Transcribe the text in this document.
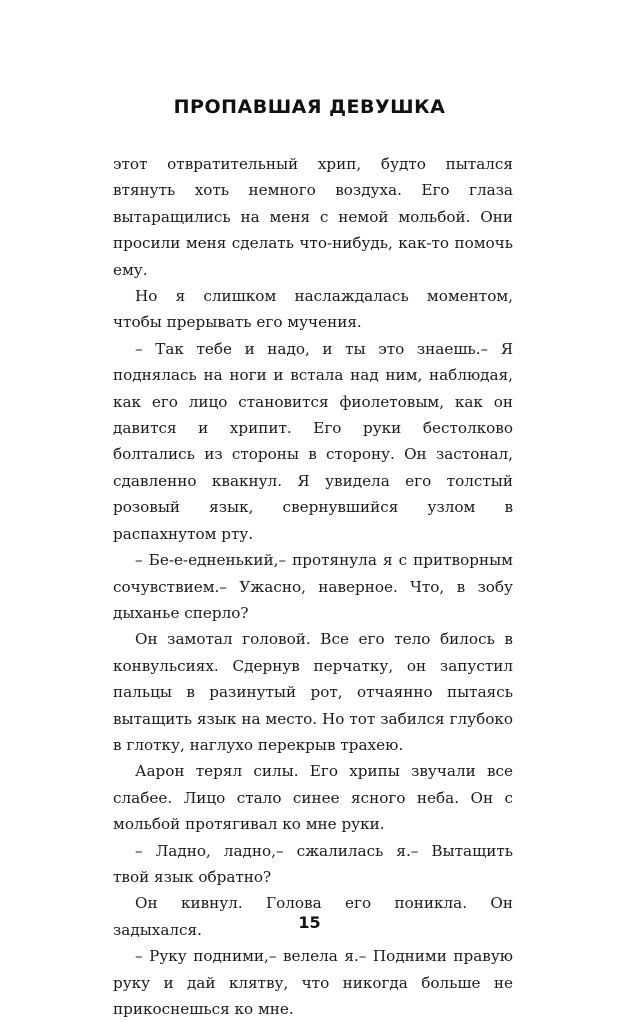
ПРОПАВШАЯ ДЕВУШКА

этот отвратительный хрип, будто пытался втянуть хоть немного воздуха. Его глаза вытаращились на меня с немой мольбой. Они просили меня сделать что-нибудь, как-то помочь ему.

Но я слишком наслаждалась моментом, чтобы прерывать его мучения.

– Так тебе и надо, и ты это знаешь.– Я поднялась на ноги и встала над ним, наблюдая, как его лицо становится фиолетовым, как он давится и хрипит. Его руки бестолково болтались из стороны в сторону. Он застонал, сдавленно квакнул. Я увидела его толстый розовый язык, свернувшийся узлом в распахнутом рту.

– Бе-е-едненький,– протянула я с притворным сочувствием.– Ужасно, наверное. Что, в зобу дыханье сперло?

Он замотал головой. Все его тело билось в конвульсиях. Сдернув перчатку, он запустил пальцы в разинутый рот, отчаянно пытаясь вытащить язык на место. Но тот забился глубоко в глотку, наглухо перекрыв трахею.

Аарон терял силы. Его хрипы звучали все слабее. Лицо стало синее ясного неба. Он с мольбой протягивал ко мне руки.

– Ладно, ладно,– сжалилась я.– Вытащить твой язык обратно?

Он кивнул. Голова его поникла. Он задыхался.

– Руку подними,– велела я.– Подними правую руку и дай клятву, что никогда больше не прикоснешься ко мне.

15
